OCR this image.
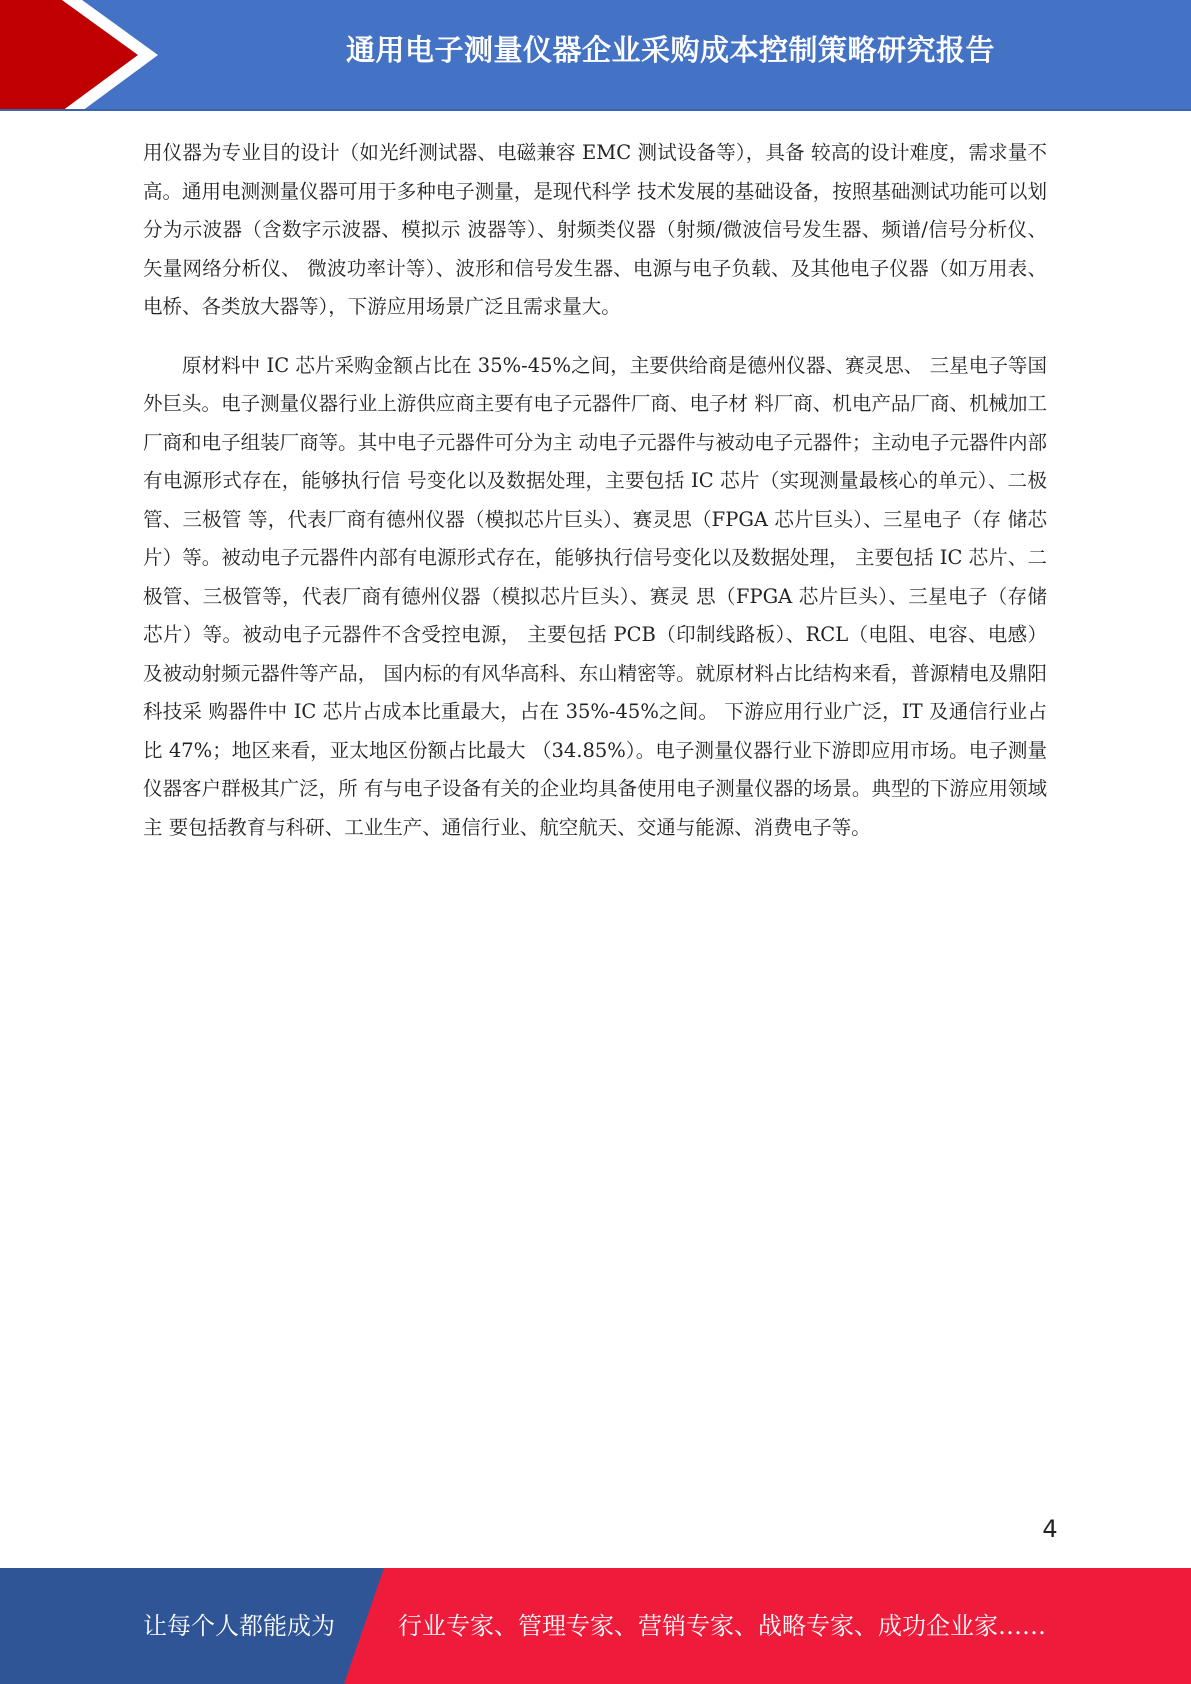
通用电子测量仪器企业采购成本控制策略研究报告

用仪器为专业目的设计（如光纤测试器、电磁兼容 EMC 测试设备等），具备 较高的设计难度，需求量不高。通用电测测量仪器可用于多种电子测量，是现代科学 技术发展的基础设备，按照基础测试功能可以划分为示波器（含数字示波器、模拟示 波器等）、射频类仪器（射频/微波信号发生器、频谱/信号分析仪、矢量网络分析仪、 微波功率计等）、波形和信号发生器、电源与电子负载、及其他电子仪器（如万用表、 电桥、各类放大器等），下游应用场景广泛且需求量大。

原材料中 IC 芯片采购金额占比在 35%-45%之间，主要供给商是德州仪器、赛灵思、 三星电子等国外巨头。电子测量仪器行业上游供应商主要有电子元器件厂商、电子材 料厂商、机电产品厂商、机械加工厂商和电子组装厂商等。其中电子元器件可分为主 动电子元器件与被动电子元器件；主动电子元器件内部有电源形式存在，能够执行信 号变化以及数据处理，主要包括 IC 芯片（实现测量最核心的单元）、二极管、三极管 等，代表厂商有德州仪器（模拟芯片巨头）、赛灵思（FPGA 芯片巨头）、三星电子（存 储芯片）等。被动电子元器件内部有电源形式存在，能够执行信号变化以及数据处理， 主要包括 IC 芯片、二极管、三极管等，代表厂商有德州仪器（模拟芯片巨头）、赛灵 思（FPGA 芯片巨头）、三星电子（存储芯片）等。被动电子元器件不含受控电源， 主要包括 PCB（印制线路板）、RCL（电阻、电容、电感）及被动射频元器件等产品， 国内标的有风华高科、东山精密等。就原材料占比结构来看，普源精电及鼎阳科技采 购器件中 IC 芯片占成本比重最大，占在 35%-45%之间。 下游应用行业广泛，IT 及通信行业占比 47%；地区来看，亚太地区份额占比最大 （34.85%）。电子测量仪器行业下游即应用市场。电子测量仪器客户群极其广泛，所 有与电子设备有关的企业均具备使用电子测量仪器的场景。典型的下游应用领域主 要包括教育与科研、工业生产、通信行业、航空航天、交通与能源、消费电子等。

4
让每个人都能成为	行业专家、管理专家、营销专家、战略专家、成功企业家……
